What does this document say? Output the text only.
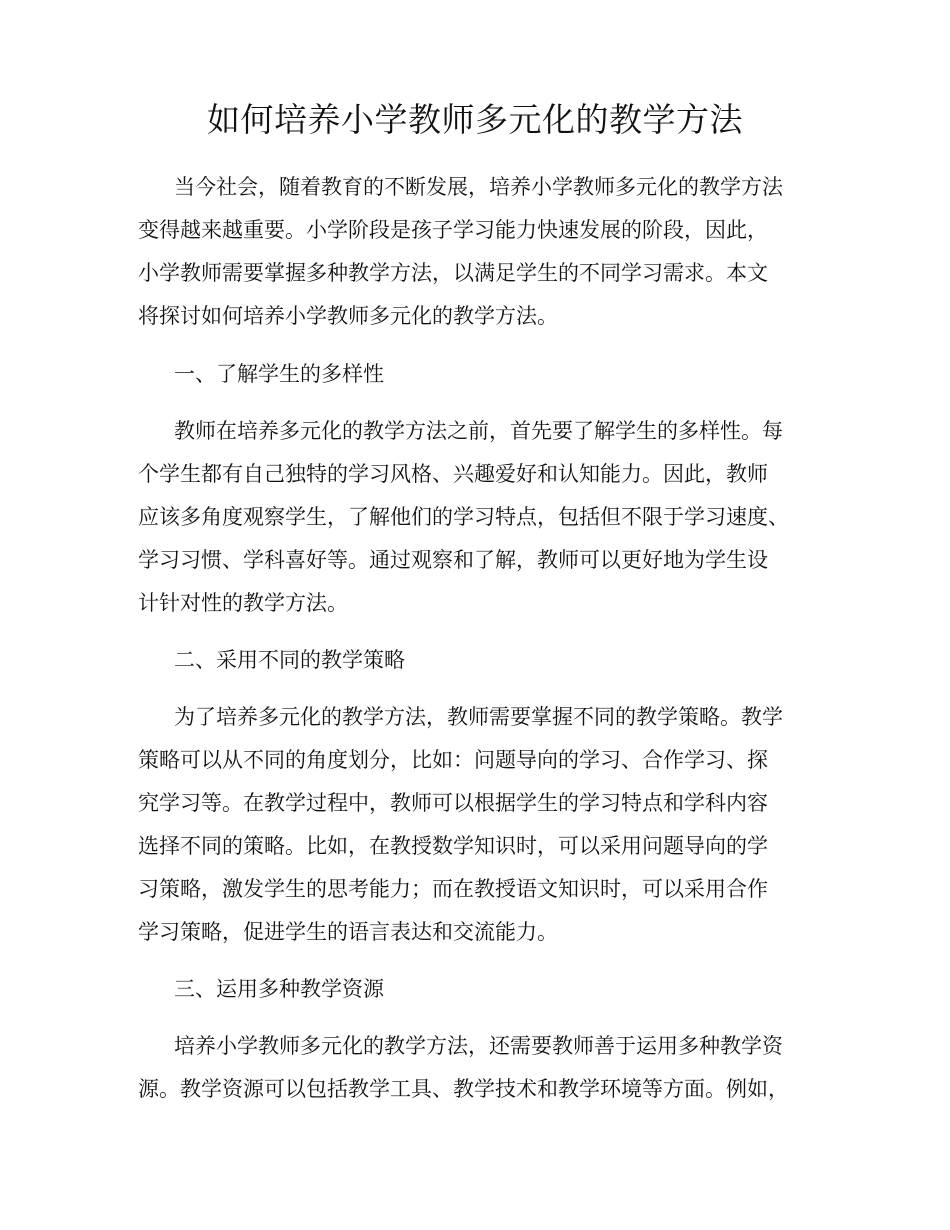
如何培养小学教师多元化的教学方法
当今社会，随着教育的不断发展，培养小学教师多元化的教学方法
变得越来越重要。小学阶段是孩子学习能力快速发展的阶段，因此，
小学教师需要掌握多种教学方法，以满足学生的不同学习需求。本文
将探讨如何培养小学教师多元化的教学方法。
一、了解学生的多样性
教师在培养多元化的教学方法之前，首先要了解学生的多样性。每
个学生都有自己独特的学习风格、兴趣爱好和认知能力。因此，教师
应该多角度观察学生，了解他们的学习特点，包括但不限于学习速度、
学习习惯、学科喜好等。通过观察和了解，教师可以更好地为学生设
计针对性的教学方法。
二、采用不同的教学策略
为了培养多元化的教学方法，教师需要掌握不同的教学策略。教学
策略可以从不同的角度划分，比如：问题导向的学习、合作学习、探
究学习等。在教学过程中，教师可以根据学生的学习特点和学科内容
选择不同的策略。比如，在教授数学知识时，可以采用问题导向的学
习策略，激发学生的思考能力；而在教授语文知识时，可以采用合作
学习策略，促进学生的语言表达和交流能力。
三、运用多种教学资源
培养小学教师多元化的教学方法，还需要教师善于运用多种教学资
源。教学资源可以包括教学工具、教学技术和教学环境等方面。例如，
